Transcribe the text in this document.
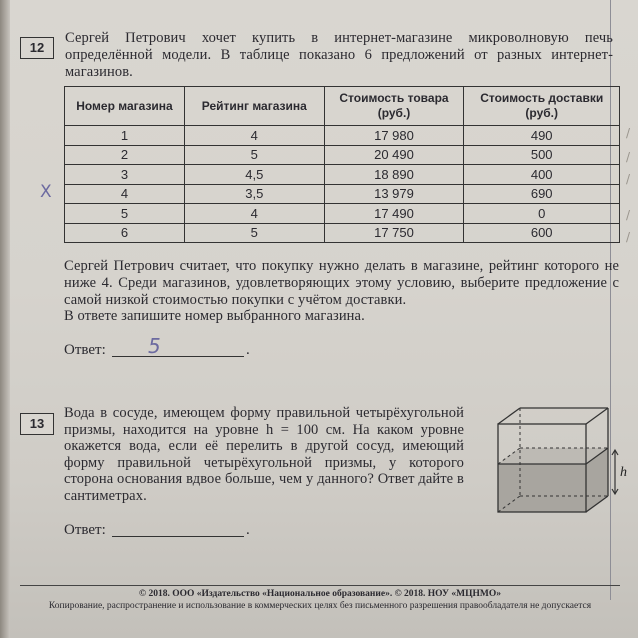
12
Сергей Петрович хочет купить в интернет-магазине микроволновую печь определённой модели. В таблице показано 6 предложений от разных интернет-магазинов.
Номер магазина	Рейтинг магазина	Стоимость товара (руб.)	Стоимость доставки (руб.)
1	4	17 980	490
2	5	20 490	500
3	4,5	18 890	400
4	3,5	13 979	690
5	4	17 490	0
6	5	17 750	600
X
/
/
/
/
/
Сергей Петрович считает, что покупку нужно делать в магазине, рейтинг которого не ниже 4. Среди магазинов, удовлетворяющих этому условию, выберите предложение с самой низкой стоимостью покупки с учётом доставки.
В ответе запишите номер выбранного магазина.
Ответ: 5	.
13
Вода в сосуде, имеющем форму правильной четырёхугольной призмы, находится на уровне h = 100 см. На каком уровне окажется вода, если её перелить в другой сосуд, имеющий форму правильной четырёхугольной призмы, у которого сторона основания вдвое больше, чем у данного? Ответ дайте в сантиметрах.
h
Ответ:	.
© 2018. ООО «Издательство «Национальное образование». © 2018. НОУ «МЦНМО»
Копирование, распространение и использование в коммерческих целях без письменного разрешения правообладателя не допускается
